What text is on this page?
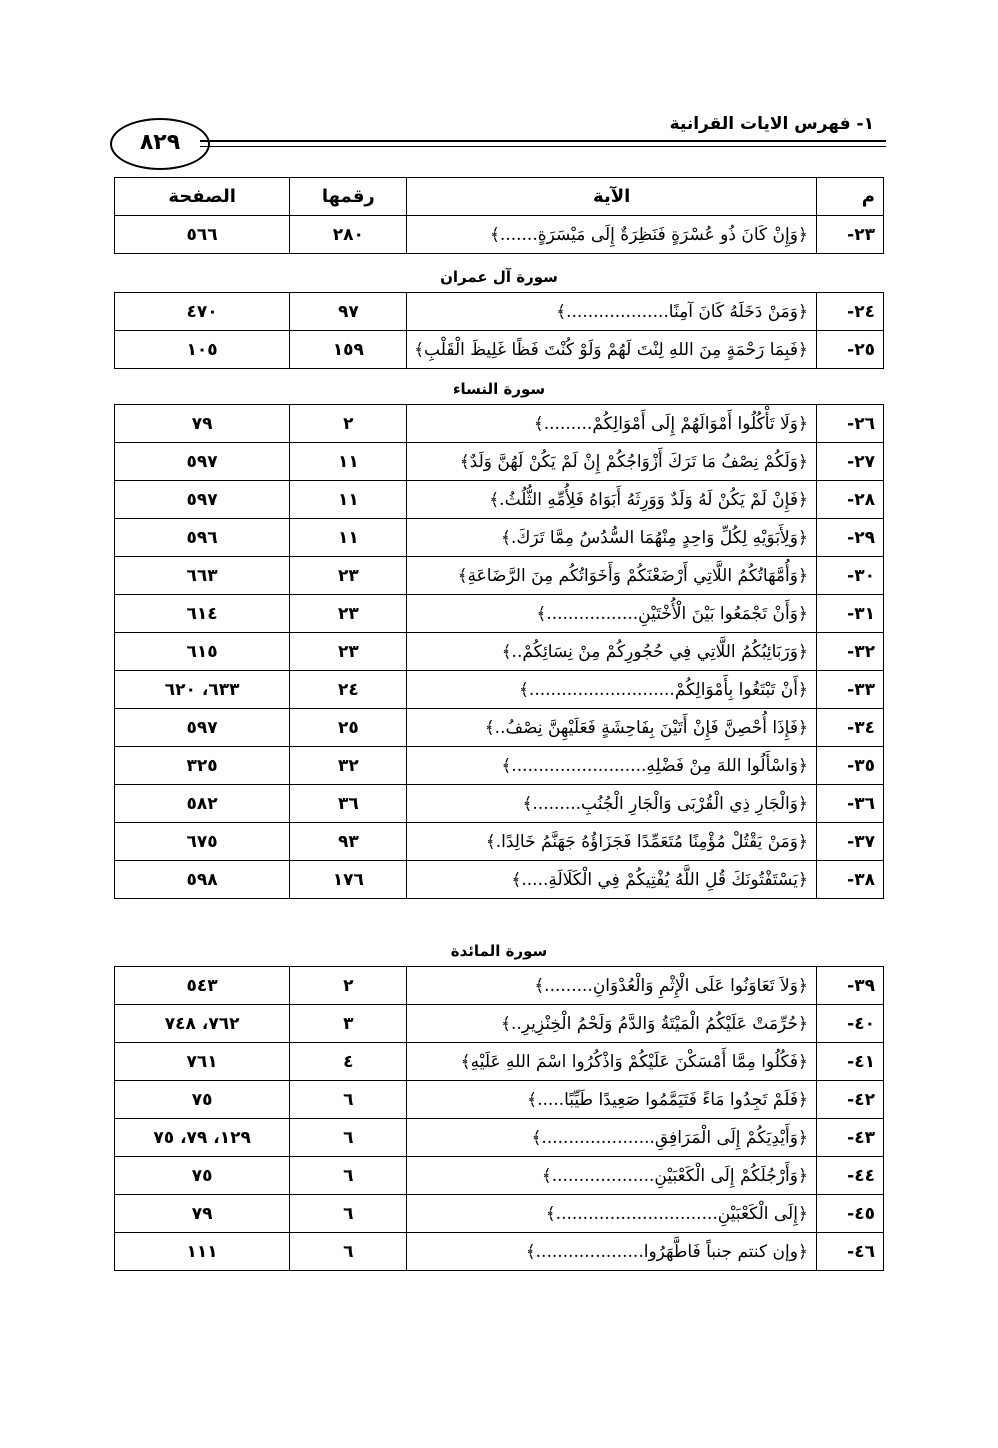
٨٢٩
١- فهرس الايات القرانية
م	الآية	رقمها	الصفحة
٢٣-	﴿وَإِنْ كَانَ ذُو عُسْرَةٍ فَنَظِرَةٌ إِلَى مَيْسَرَةٍ.......﴾	٢٨٠	٥٦٦
سورة آل عمران
٢٤-	﴿وَمَنْ دَخَلَهُ كَانَ آمِنًا...................﴾	٩٧	٤٧٠
٢٥-	﴿فَبِمَا رَحْمَةٍ مِنَ اللهِ لِنْتَ لَهُمْ وَلَوْ كُنْتَ فَظًا غَلِيظَ الْقَلْبِ﴾	١٥٩	١٠٥
سورة النساء
٢٦-	﴿وَلَا تَأْكُلُوا أَمْوَالَهُمْ إِلَى أَمْوَالِكُمْ.........﴾	٢	٧٩
٢٧-	﴿وَلَكُمْ نِصْفُ مَا تَرَكَ أَزْوَاجُكُمْ إِنْ لَمْ يَكُنْ لَهُنَّ وَلَدٌ﴾	١١	٥٩٧
٢٨-	﴿فَإِنْ لَمْ يَكُنْ لَهُ وَلَدٌ وَوَرِثَهُ أَبَوَاهُ فَلِأُمِّهِ الثُّلُثُ.﴾	١١	٥٩٧
٢٩-	﴿وَلِأَبَوَيْهِ لِكُلِّ وَاحِدٍ مِنْهُمَا السُّدُسُ مِمَّا تَرَكَ.﴾	١١	٥٩٦
٣٠-	﴿وَأُمَّهَاتُكُمُ اللَّاتِي أَرْضَعْنَكُمْ وَأَخَوَاتُكُم مِنَ الرَّضَاعَةِ﴾	٢٣	٦٦٣
٣١-	﴿وَأَنْ تَجْمَعُوا بَيْنَ الْأُخْتَيْنِ.................﴾	٢٣	٦١٤
٣٢-	﴿وَرَبَائِبُكُمُ اللَّاتِي فِي حُجُورِكُمْ مِنْ نِسَائِكُمْ..﴾	٢٣	٦١٥
٣٣-	﴿أَنْ تَبْتَغُوا بِأَمْوَالِكُمْ...........................﴾	٢٤	٦٣٣، ٦٢٠
٣٤-	﴿فَإِذَا أُحْصِنَّ فَإِنْ أَتَيْنَ بِفَاحِشَةٍ فَعَلَيْهِنَّ نِصْفُ..﴾	٢٥	٥٩٧
٣٥-	﴿وَاسْأَلُوا اللهَ مِنْ فَضْلِهِ.........................﴾	٣٢	٣٢٥
٣٦-	﴿وَالْجَارِ ذِي الْقُرْبَى وَالْجَارِ الْجُنُبِ.........﴾	٣٦	٥٨٢
٣٧-	﴿وَمَنْ يَقْتُلْ مُؤْمِنًا مُتَعَمِّدًا فَجَزَاؤُهُ جَهَنَّمُ خَالِدًا.﴾	٩٣	٦٧٥
٣٨-	﴿يَسْتَفْتُونَكَ قُلِ اللَّهُ يُفْتِيكُمْ فِي الْكَلَالَةِ.....﴾	١٧٦	٥٩٨
سورة المائدة
٣٩-	﴿وَلاَ تَعَاوَنُوا عَلَى الْإِثْمِ وَالْعُدْوَانِ.........﴾	٢	٥٤٣
٤٠-	﴿حُرِّمَتْ عَلَيْكُمُ الْمَيْتَةُ وَالدَّمُ وَلَحْمُ الْخِنْزِيرِ..﴾	٣	٧٦٢، ٧٤٨
٤١-	﴿فَكُلُوا مِمَّا أَمْسَكْنَ عَلَيْكُمْ وَاذْكُرُوا اسْمَ اللهِ عَلَيْهِ﴾	٤	٧٦١
٤٢-	﴿فَلَمْ تَجِدُوا مَاءً فَتَيَمَّمُوا صَعِيدًا طَيِّبًا.....﴾	٦	٧٥
٤٣-	﴿وَأَيْدِيَكُمْ إِلَى الْمَرَافِقِ.....................﴾	٦	١٢٩، ٧٩، ٧٥
٤٤-	﴿وَأَرْجُلَكُمْ إِلَى الْكَعْبَيْنِ...................﴾	٦	٧٥
٤٥-	﴿إِلَى الْكَعْبَيْنِ..............................﴾	٦	٧٩
٤٦-	﴿وإن كنتم جنباً فَاطَّهَرُوا....................﴾	٦	١١١
